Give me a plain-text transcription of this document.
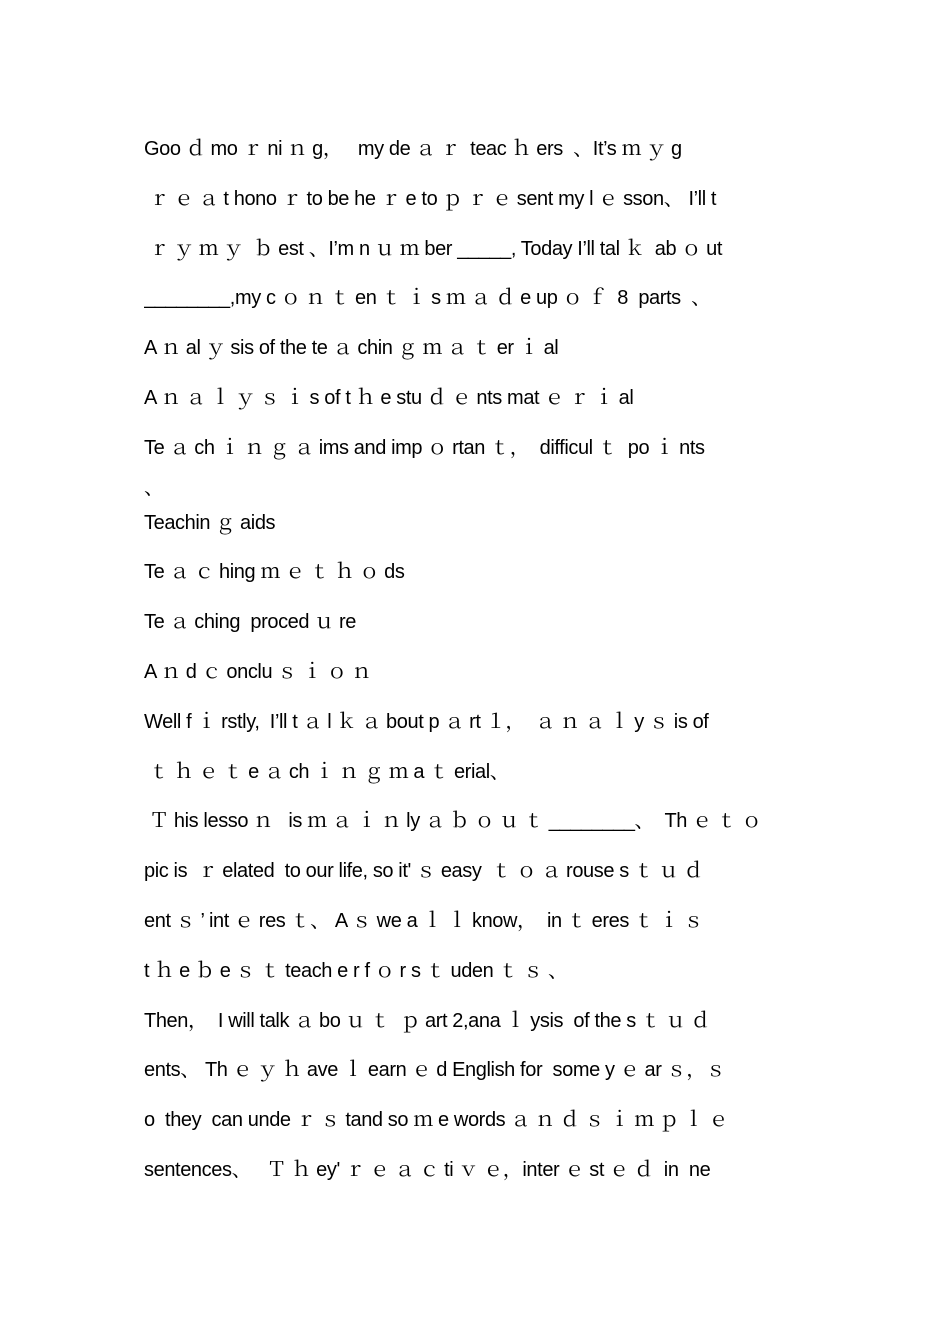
Goo ｄ mo ｒ ni ｎ g，   my de ａ ｒ  teac ｈ ers  、It’s ｍ ｙ g
ｒ ｅ ａ t hono ｒ to be he ｒ e to ｐ ｒ ｅ sent my l ｅ sson、 I’ll t
ｒ ｙ ｍ ｙ  ｂ est 、I’m n ｕ ｍ ber _____, Today I’ll tal ｋ  ab ｏ ut
________,my c ｏ ｎ ｔ en ｔ ｉ s ｍ ａ ｄ e up ｏ ｆ  8  parts  、
A ｎ al ｙ sis of the te ａ chin ｇ ｍ ａ ｔ er ｉ al
A ｎ ａ ｌ ｙ ｓ ｉ s of t ｈ e stu ｄ ｅ nts mat ｅ ｒ ｉ al
Te ａ ch ｉ ｎ ｇ ａ ims and imp ｏ rtan ｔ，  difficul ｔ  po ｉ nts
、
Teachin ｇ aids
Te ａ ｃ hing ｍ ｅ ｔ ｈ ｏ ds
Te ａ ching  proced ｕ re
A ｎ d ｃ onclu ｓ ｉ ｏ ｎ
Well f ｉ rstly,  I’ll t ａ l ｋ ａ bout p ａ rt １，  ａ ｎ ａ ｌ y ｓ is of
ｔ ｈ ｅ ｔ e ａ ch ｉ ｎ ｇ ｍ a ｔ erial、
Ｔ his lesso ｎ   is ｍ ａ ｉ ｎ ly ａ ｂ ｏ ｕ ｔ ________、  Th ｅ ｔ ｏ
pic is  ｒ elated  to our life, so it' ｓ easy  ｔ ｏ ａ rouse s ｔ ｕ ｄ
ent ｓ ’ int ｅ res ｔ、 A ｓ we a ｌ ｌ know，  in ｔ eres ｔ ｉ ｓ
t ｈ e ｂ e ｓ ｔ teach e r f ｏ r s ｔ uden ｔ ｓ 、
Then，  I will talk ａ bo ｕ ｔ  ｐ art 2,ana ｌ ysis  of the s ｔ ｕ ｄ
ents、 Th ｅ ｙ ｈ ave ｌ earn ｅ d English for  some y ｅ ar ｓ，ｓ
o  they  can unde ｒ ｓ tand so ｍ e words ａ ｎ ｄ ｓ ｉ ｍ ｐ ｌ ｅ
sentences、   Ｔ ｈ ey' ｒ ｅ ａ ｃ ti ｖ ｅ，inter ｅ st ｅ ｄ  in  ne
